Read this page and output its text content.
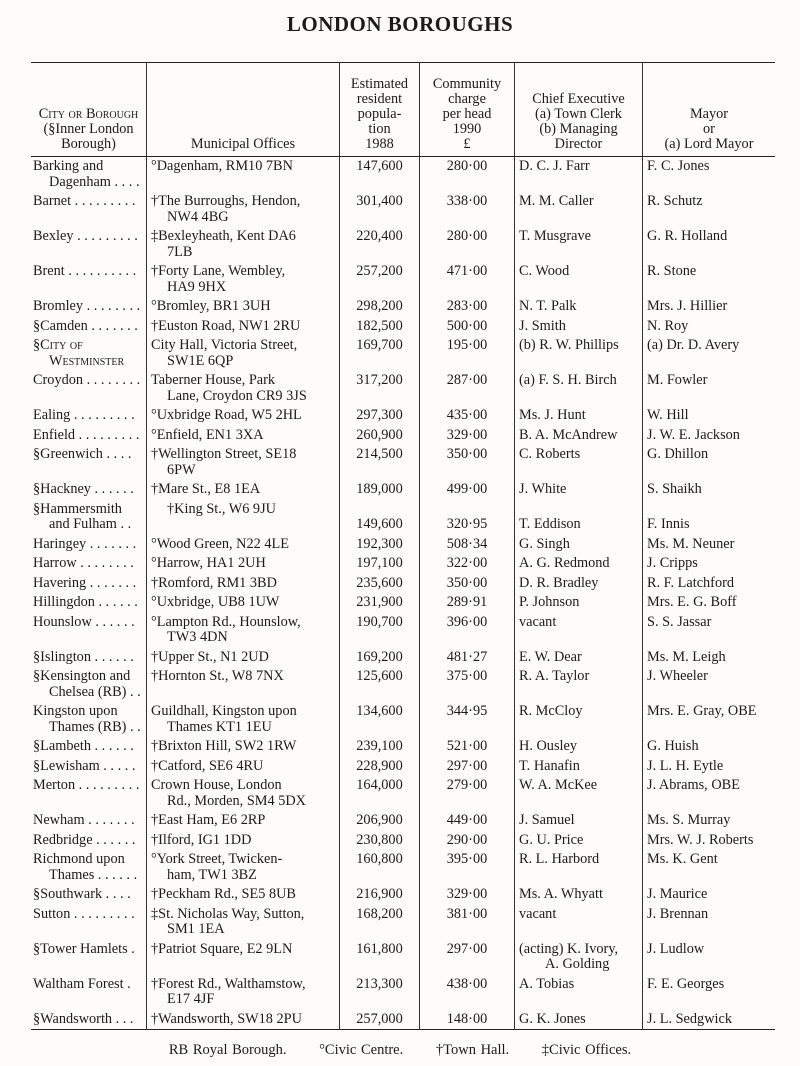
LONDON BOROUGHS
City or Borough
(§Inner London
Borough)	Municipal Offices

Estimated
resident
popula-
tion
1988

Community
charge
per head
1990
£

Chief Executive
(a) Town Clerk
(b) Managing
Director

Mayor
or
(a) Lord Mayor

Barking and
Dagenham . . . .	°Dagenham, RM10 7BN	147,600	280·00	D. C. J. Farr	F. C. Jones

Barnet . . . . . . . . .	†The Burroughs, Hendon,
NW4 4BG	301,400	338·00	M. M. Caller	R. Schutz

Bexley . . . . . . . . .	‡Bexleyheath, Kent DA6
7LB	220,400	280·00	T. Musgrave	G. R. Holland

Brent . . . . . . . . . .	†Forty Lane, Wembley,
HA9 9HX	257,200	471·00	C. Wood	R. Stone

Bromley . . . . . . . .	°Bromley, BR1 3UH	298,200	283·00	N. T. Palk	Mrs. J. Hillier

§Camden . . . . . . .	†Euston Road, NW1 2RU	182,500	500·00	J. Smith	N. Roy

§City of
Westminster	City Hall, Victoria Street,
SW1E 6QP	169,700	195·00	(b) R. W. Phillips	(a) Dr. D. Avery

Croydon . . . . . . . .	Taberner House, Park
Lane, Croydon CR9 3JS	317,200	287·00	(a) F. S. H. Birch	M. Fowler

Ealing . . . . . . . . .	°Uxbridge Road, W5 2HL	297,300	435·00	Ms. J. Hunt	W. Hill

Enfield . . . . . . . . .	°Enfield, EN1 3XA	260,900	329·00	B. A. McAndrew	J. W. E. Jackson

§Greenwich . . . .	†Wellington Street, SE18
6PW	214,500	350·00	C. Roberts	G. Dhillon

§Hackney . . . . . .	†Mare St., E8 1EA	189,000	499·00	J. White	S. Shaikh

§Hammersmith
and Fulham . .	†King St., W6 9JU	149,600	320·95	T. Eddison	F. Innis

Haringey . . . . . . .	°Wood Green, N22 4LE	192,300	508·34	G. Singh	Ms. M. Neuner

Harrow . . . . . . . .	°Harrow, HA1 2UH	197,100	322·00	A. G. Redmond	J. Cripps

Havering . . . . . . .	†Romford, RM1 3BD	235,600	350·00	D. R. Bradley	R. F. Latchford

Hillingdon . . . . . .	°Uxbridge, UB8 1UW	231,900	289·91	P. Johnson	Mrs. E. G. Boff

Hounslow . . . . . .	°Lampton Rd., Hounslow,
TW3 4DN	190,700	396·00	vacant	S. S. Jassar

§Islington . . . . . .	†Upper St., N1 2UD	169,200	481·27	E. W. Dear	Ms. M. Leigh

§Kensington and
Chelsea (RB) . .	†Hornton St., W8 7NX	125,600	375·00	R. A. Taylor	J. Wheeler

Kingston upon
Thames (RB) . .	Guildhall, Kingston upon
Thames KT1 1EU	134,600	344·95	R. McCloy	Mrs. E. Gray, OBE

§Lambeth . . . . . .	†Brixton Hill, SW2 1RW	239,100	521·00	H. Ousley	G. Huish

§Lewisham . . . . .	†Catford, SE6 4RU	228,900	297·00	T. Hanafin	J. L. H. Eytle

Merton . . . . . . . . .	Crown House, London
Rd., Morden, SM4 5DX	164,000	279·00	W. A. McKee	J. Abrams, OBE

Newham . . . . . . .	†East Ham, E6 2RP	206,900	449·00	J. Samuel	Ms. S. Murray

Redbridge . . . . . .	†Ilford, IG1 1DD	230,800	290·00	G. U. Price	Mrs. W. J. Roberts

Richmond upon
Thames . . . . . .	°York Street, Twicken-
ham, TW1 3BZ	160,800	395·00	R. L. Harbord	Ms. K. Gent

§Southwark . . . .	†Peckham Rd., SE5 8UB	216,900	329·00	Ms. A. Whyatt	J. Maurice

Sutton . . . . . . . . .	‡St. Nicholas Way, Sutton,
SM1 1EA	168,200	381·00	vacant	J. Brennan

§Tower Hamlets .	†Patriot Square, E2 9LN	161,800	297·00	(acting) K. Ivory,
A. Golding	J. Ludlow

Waltham Forest .	†Forest Rd., Walthamstow,
E17 4JF	213,300	438·00	A. Tobias	F. E. Georges

§Wandsworth . . .	†Wandsworth, SW18 2PU	257,000	148·00	G. K. Jones	J. L. Sedgwick
RB Royal Borough. °Civic Centre. †Town Hall. ‡Civic Offices.
